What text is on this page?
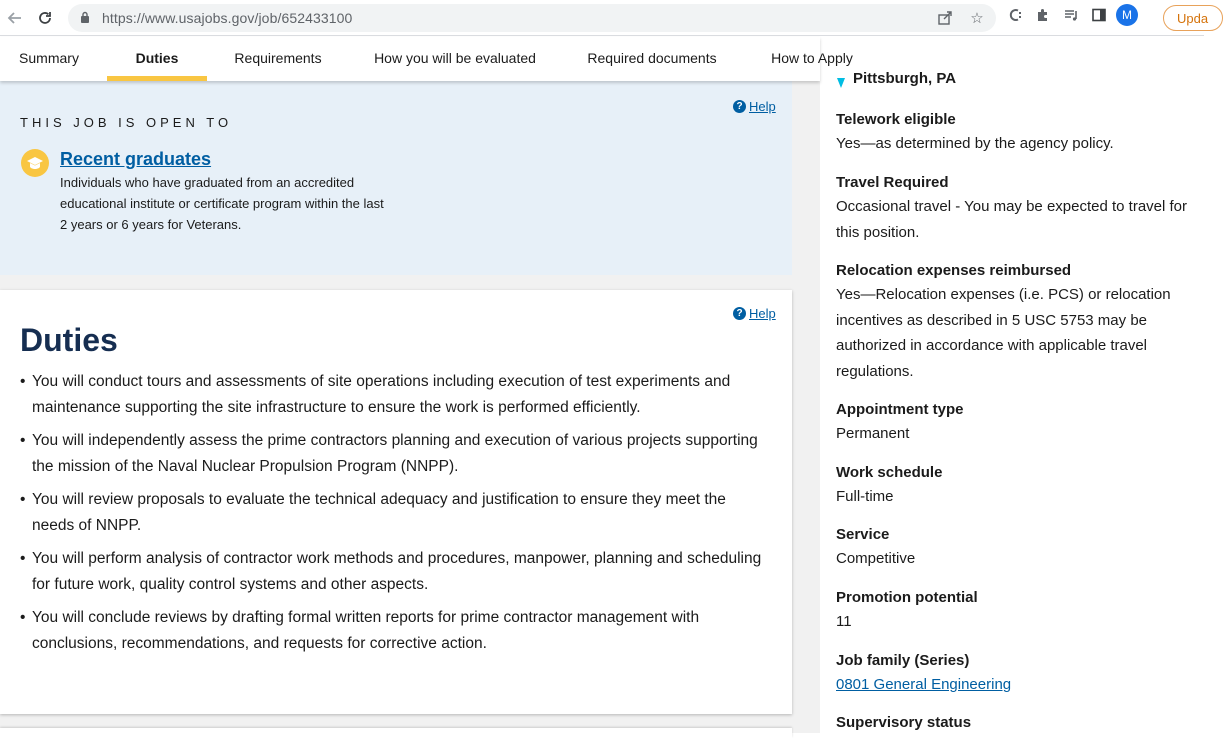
https://www.usajobs.gov/job/652433100	☆	M	Upda
Pittsburgh, PA
Summary	Duties	Requirements	How you will be evaluated	Required documents	How to Apply
? Help
THIS JOB IS OPEN TO
Recent graduates
Individuals who have graduated from an accredited educational institute or certificate program within the last 2 years or 6 years for Veterans.
? Help
Duties
• You will conduct tours and assessments of site operations including execution of test experiments and maintenance supporting the site infrastructure to ensure the work is performed efficiently.
• You will independently assess the prime contractors planning and execution of various projects supporting the mission of the Naval Nuclear Propulsion Program (NNPP).
• You will review proposals to evaluate the technical adequacy and justification to ensure they meet the needs of NNPP.
• You will perform analysis of contractor work methods and procedures, manpower, planning and scheduling for future work, quality control systems and other aspects.
• You will conclude reviews by drafting formal written reports for prime contractor management with conclusions, recommendations, and requests for corrective action.
Telework eligible
Yes—as determined by the agency policy.
Travel Required
Occasional travel - You may be expected to travel for this position.
Relocation expenses reimbursed
Yes—Relocation expenses (i.e. PCS) or relocation incentives as described in 5 USC 5753 may be authorized in accordance with applicable travel regulations.
Appointment type
Permanent
Work schedule
Full-time
Service
Competitive
Promotion potential
11
Job family (Series)
0801 General Engineering
Supervisory status
